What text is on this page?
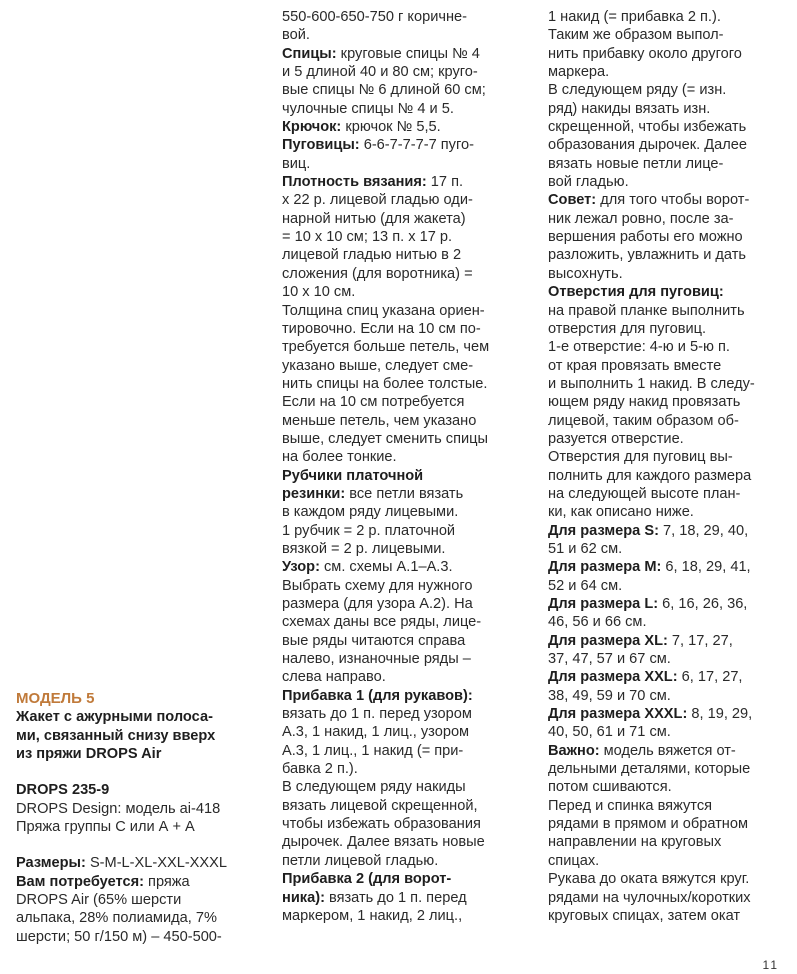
МОДЕЛЬ 5
Жакет с ажурными полоса-
ми, связанный снизу вверх
из пряжи DROPS Air
DROPS 235-9
DROPS Design: модель ai-418
Пряжа группы С или А + А
Размеры: S-M-L-XL-XXL-XXXL
Вам потребуется: пряжа
DROPS Air (65% шерсти
альпака, 28% полиамида, 7%
шерсти; 50 г/150 м) – 450-500-
550-600-650-750 г коричне-
вой.
Спицы: круговые спицы № 4
и 5 длиной 40 и 80 см; круго-
вые спицы № 6 длиной 60 см;
чулочные спицы № 4 и 5.
Крючок: крючок № 5,5.
Пуговицы: 6-6-7-7-7-7 пуго-
виц.
Плотность вязания: 17 п.
х 22 р. лицевой гладью оди-
нарной нитью (для жакета)
= 10 х 10 см; 13 п. х 17 р.
лицевой гладью нитью в 2
сложения (для воротника) =
10 х 10 см.
Толщина спиц указана ориен-
тировочно. Если на 10 см по-
требуется больше петель, чем
указано выше, следует сме-
нить спицы на более толстые.
Если на 10 см потребуется
меньше петель, чем указано
выше, следует сменить спицы
на более тонкие.
Рубчики платочной
резинки: все петли вязать
в каждом ряду лицевыми.
1 рубчик = 2 р. платочной
вязкой = 2 р. лицевыми.
Узор: см. схемы А.1–А.3.
Выбрать схему для нужного
размера (для узора А.2). На
схемах даны все ряды, лице-
вые ряды читаются справа
налево, изнаночные ряды –
слева направо.
Прибавка 1 (для рукавов):
вязать до 1 п. перед узором
А.3, 1 накид, 1 лиц., узором
А.3, 1 лиц., 1 накид (= при-
бавка 2 п.).
В следующем ряду накиды
вязать лицевой скрещенной,
чтобы избежать образования
дырочек. Далее вязать новые
петли лицевой гладью.
Прибавка 2 (для ворот-
ника): вязать до 1 п. перед
маркером, 1 накид, 2 лиц.,
1 накид (= прибавка 2 п.).
Таким же образом выпол-
нить прибавку около другого
маркера.
В следующем ряду (= изн.
ряд) накиды вязать изн.
скрещенной, чтобы избежать
образования дырочек. Далее
вязать новые петли лице-
вой гладью.
Совет: для того чтобы ворот-
ник лежал ровно, после за-
вершения работы его можно
разложить, увлажнить и дать
высохнуть.
Отверстия для пуговиц:
на правой планке выполнить
отверстия для пуговиц.
1-е отверстие: 4-ю и 5-ю п.
от края провязать вместе
и выполнить 1 накид. В следу-
ющем ряду накид провязать
лицевой, таким образом об-
разуется отверстие.
Отверстия для пуговиц вы-
полнить для каждого размера
на следующей высоте план-
ки, как описано ниже.
Для размера S: 7, 18, 29, 40,
51 и 62 см.
Для размера M: 6, 18, 29, 41,
52 и 64 см.
Для размера L: 6, 16, 26, 36,
46, 56 и 66 см.
Для размера XL: 7, 17, 27,
37, 47, 57 и 67 см.
Для размера XXL: 6, 17, 27,
38, 49, 59 и 70 см.
Для размера XXXL: 8, 19, 29,
40, 50, 61 и 71 см.
Важно: модель вяжется от-
дельными деталями, которые
потом сшиваются.
Перед и спинка вяжутся
рядами в прямом и обратном
направлении на круговых
спицах.
Рукава до оката вяжутся круг.
рядами на чулочных/коротких
круговых спицах, затем окат
11
